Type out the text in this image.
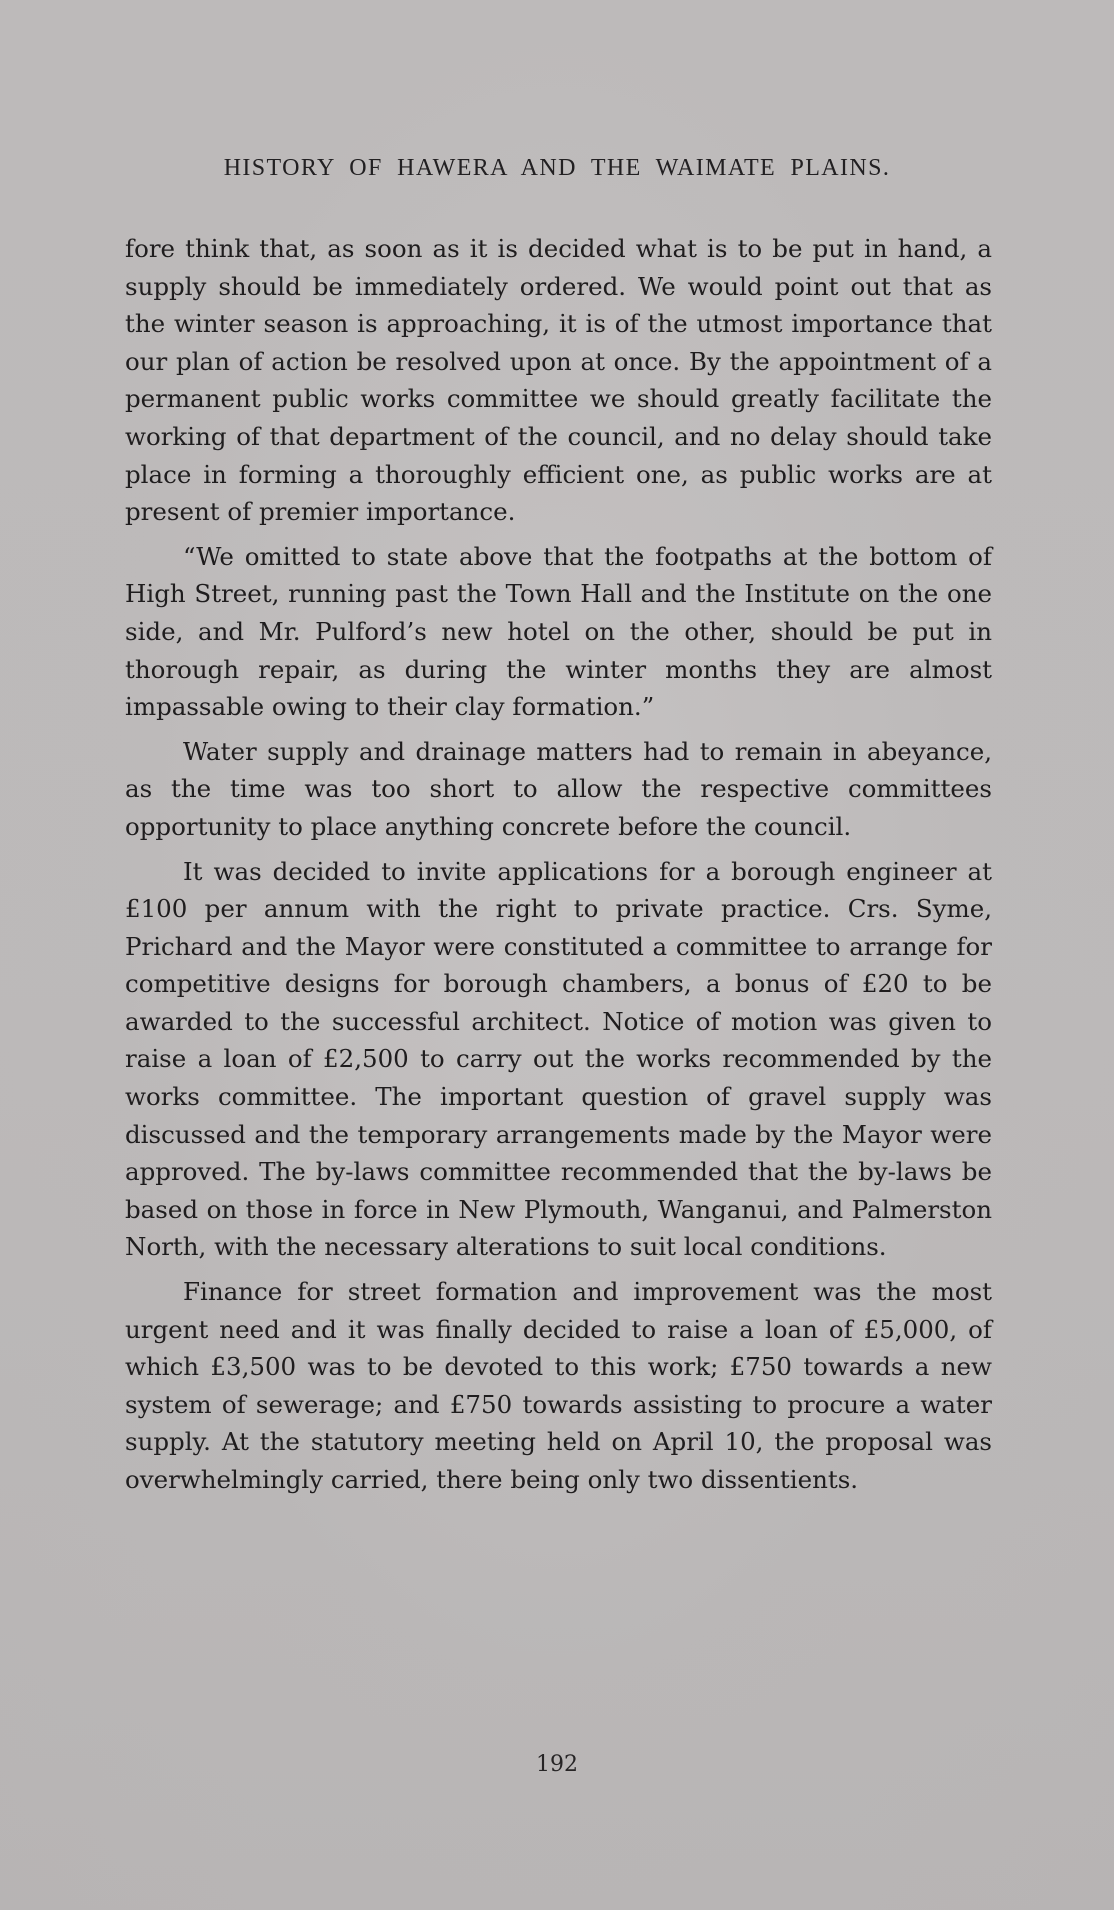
HISTORY OF HAWERA AND THE WAIMATE PLAINS.

fore think that, as soon as it is decided what is to be put in hand, a supply should be immediately ordered. We would point out that as the winter season is approaching, it is of the utmost importance that our plan of action be resolved upon at once. By the appointment of a permanent public works committee we should greatly facilitate the working of that department of the council, and no delay should take place in forming a thoroughly efficient one, as public works are at present of premier importance.

“We omitted to state above that the footpaths at the bottom of High Street, running past the Town Hall and the Institute on the one side, and Mr. Pulford’s new hotel on the other, should be put in thorough repair, as during the winter months they are almost impassable owing to their clay formation.”

Water supply and drainage matters had to remain in abeyance, as the time was too short to allow the respective committees opportunity to place anything concrete before the council.

It was decided to invite applications for a borough engineer at £100 per annum with the right to private practice. Crs. Syme, Prichard and the Mayor were constituted a committee to arrange for competitive designs for borough chambers, a bonus of £20 to be awarded to the successful architect. Notice of motion was given to raise a loan of £2,500 to carry out the works recommended by the works committee. The important question of gravel supply was discussed and the temporary arrangements made by the Mayor were approved. The by-laws committee recommended that the by-laws be based on those in force in New Plymouth, Wanganui, and Palmerston North, with the necessary alterations to suit local conditions.

Finance for street formation and improvement was the most urgent need and it was finally decided to raise a loan of £5,000, of which £3,500 was to be devoted to this work; £750 towards a new system of sewerage; and £750 towards assisting to procure a water supply. At the statutory meeting held on April 10, the proposal was overwhelmingly carried, there being only two dissentients.

192
